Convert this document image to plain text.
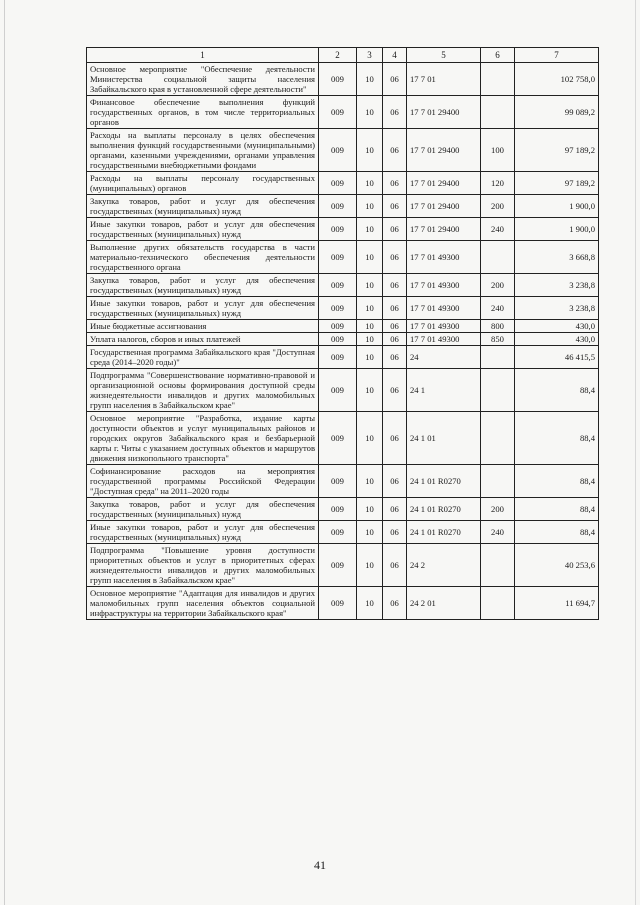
1	2	3	4	5	6	7
Основное мероприятие "Обеспечение деятельности Министерства социальной защиты населения Забайкальского края в установленной сфере деятельности"	009	10	06	17 7 01		102 758,0
Финансовое обеспечение выполнения функций государственных органов, в том числе территориальных органов	009	10	06	17 7 01 29400		99 089,2
Расходы на выплаты персоналу в целях обеспечения выполнения функций государственными (муниципальными) органами, казенными учреждениями, органами управления государственными внебюджетными фондами	009	10	06	17 7 01 29400	100	97 189,2
Расходы на выплаты персоналу государственных (муниципальных) органов	009	10	06	17 7 01 29400	120	97 189,2
Закупка товаров, работ и услуг для обеспечения государственных (муниципальных) нужд	009	10	06	17 7 01 29400	200	1 900,0
Иные закупки товаров, работ и услуг для обеспечения государственных (муниципальных) нужд	009	10	06	17 7 01 29400	240	1 900,0
Выполнение других обязательств государства в части материально-технического обеспечения деятельности государственного органа	009	10	06	17 7 01 49300		3 668,8
Закупка товаров, работ и услуг для обеспечения государственных (муниципальных) нужд	009	10	06	17 7 01 49300	200	3 238,8
Иные закупки товаров, работ и услуг для обеспечения государственных (муниципальных) нужд	009	10	06	17 7 01 49300	240	3 238,8
Иные бюджетные ассигнования	009	10	06	17 7 01 49300	800	430,0
Уплата налогов, сборов и иных платежей	009	10	06	17 7 01 49300	850	430,0
Государственная программа Забайкальского края "Доступная среда (2014–2020 годы)"	009	10	06	24		46 415,5
Подпрограмма "Совершенствование нормативно-правовой и организационной основы формирования доступной среды жизнедеятельности инвалидов и других маломобильных групп населения в Забайкальском крае"	009	10	06	24 1		88,4
Основное мероприятие "Разработка, издание карты доступности объектов и услуг муниципальных районов и городских округов Забайкальского края и безбарьерной карты г. Читы с указанием доступных объектов и маршрутов движения низкопольного транспорта"	009	10	06	24 1 01		88,4
Софинансирование расходов на мероприятия государственной программы Российской Федерации "Доступная среда" на 2011–2020 годы	009	10	06	24 1 01 R0270		88,4
Закупка товаров, работ и услуг для обеспечения государственных (муниципальных) нужд	009	10	06	24 1 01 R0270	200	88,4
Иные закупки товаров, работ и услуг для обеспечения государственных (муниципальных) нужд	009	10	06	24 1 01 R0270	240	88,4
Подпрограмма "Повышение уровня доступности приоритетных объектов и услуг в приоритетных сферах жизнедеятельности инвалидов и других маломобильных групп населения в Забайкальском крае"	009	10	06	24 2		40 253,6
Основное мероприятие "Адаптация для инвалидов и других маломобильных групп населения объектов социальной инфраструктуры на территории Забайкальского края"	009	10	06	24 2 01		11 694,7
41
